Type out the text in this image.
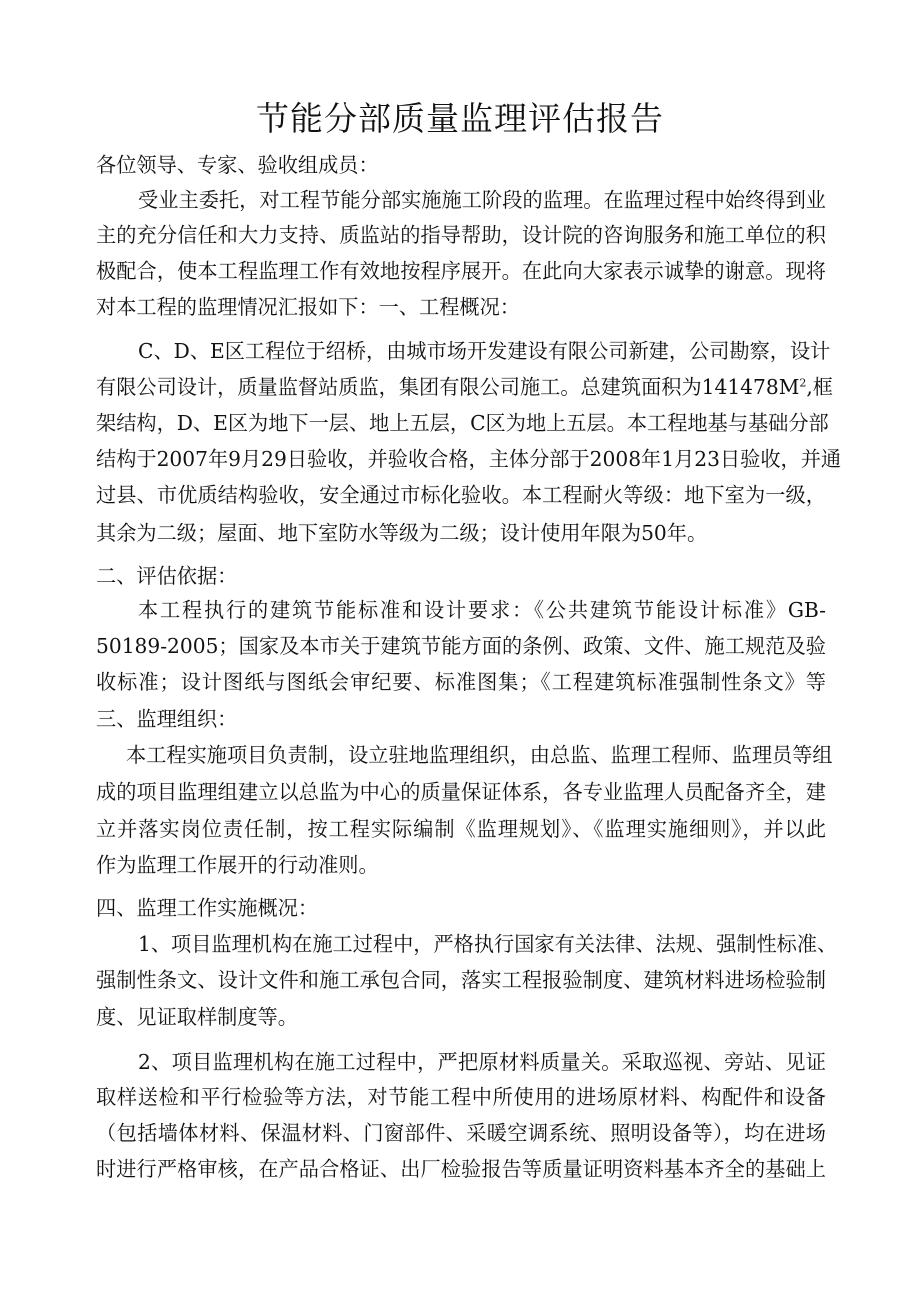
节能分部质量监理评估报告

各位领导、专家、验收组成员：

受业主委托，对工程节能分部实施施工阶段的监理。在监理过程中始终得到业

主的充分信任和大力支持、质监站的指导帮助，设计院的咨询服务和施工单位的积

极配合，使本工程监理工作有效地按程序展开。在此向大家表示诚挚的谢意。现将

对本工程的监理情况汇报如下：一、工程概况：

C、D、E区工程位于绍桥，由城市场开发建设有限公司新建，公司勘察，设计

有限公司设计，质量监督站质监，集团有限公司施工。总建筑面积为$141478M^2$,框

架结构，D、E区为地下一层、地上五层，C区为地上五层。本工程地基与基础分部

结构于2007年9月29日验收，并验收合格，主体分部于2008年1月23日验收，并通

过县、市优质结构验收，安全通过市标化验收。本工程耐火等级：地下室为一级，

其余为二级；屋面、地下室防水等级为二级；设计使用年限为50年。

二、评估依据：

本工程执行的建筑节能标准和设计要求：《公共建筑节能设计标准》GB-

50189-2005；国家及本市关于建筑节能方面的条例、政策、文件、施工规范及验

收标准；设计图纸与图纸会审纪要、标准图集；《工程建筑标准强制性条文》等

三、监理组织：

本工程实施项目负责制，设立驻地监理组织，由总监、监理工程师、监理员等组

成的项目监理组建立以总监为中心的质量保证体系，各专业监理人员配备齐全，建

立并落实岗位责任制，按工程实际编制《监理规划》、《监理实施细则》，并以此

作为监理工作展开的行动准则。

四、监理工作实施概况：

1、项目监理机构在施工过程中，严格执行国家有关法律、法规、强制性标准、

强制性条文、设计文件和施工承包合同，落实工程报验制度、建筑材料进场检验制

度、见证取样制度等。

2、项目监理机构在施工过程中，严把原材料质量关。采取巡视、旁站、见证

取样送检和平行检验等方法，对节能工程中所使用的进场原材料、构配件和设备

（包括墙体材料、保温材料、门窗部件、采暖空调系统、照明设备等），均在进场

时进行严格审核，在产品合格证、出厂检验报告等质量证明资料基本齐全的基础上
